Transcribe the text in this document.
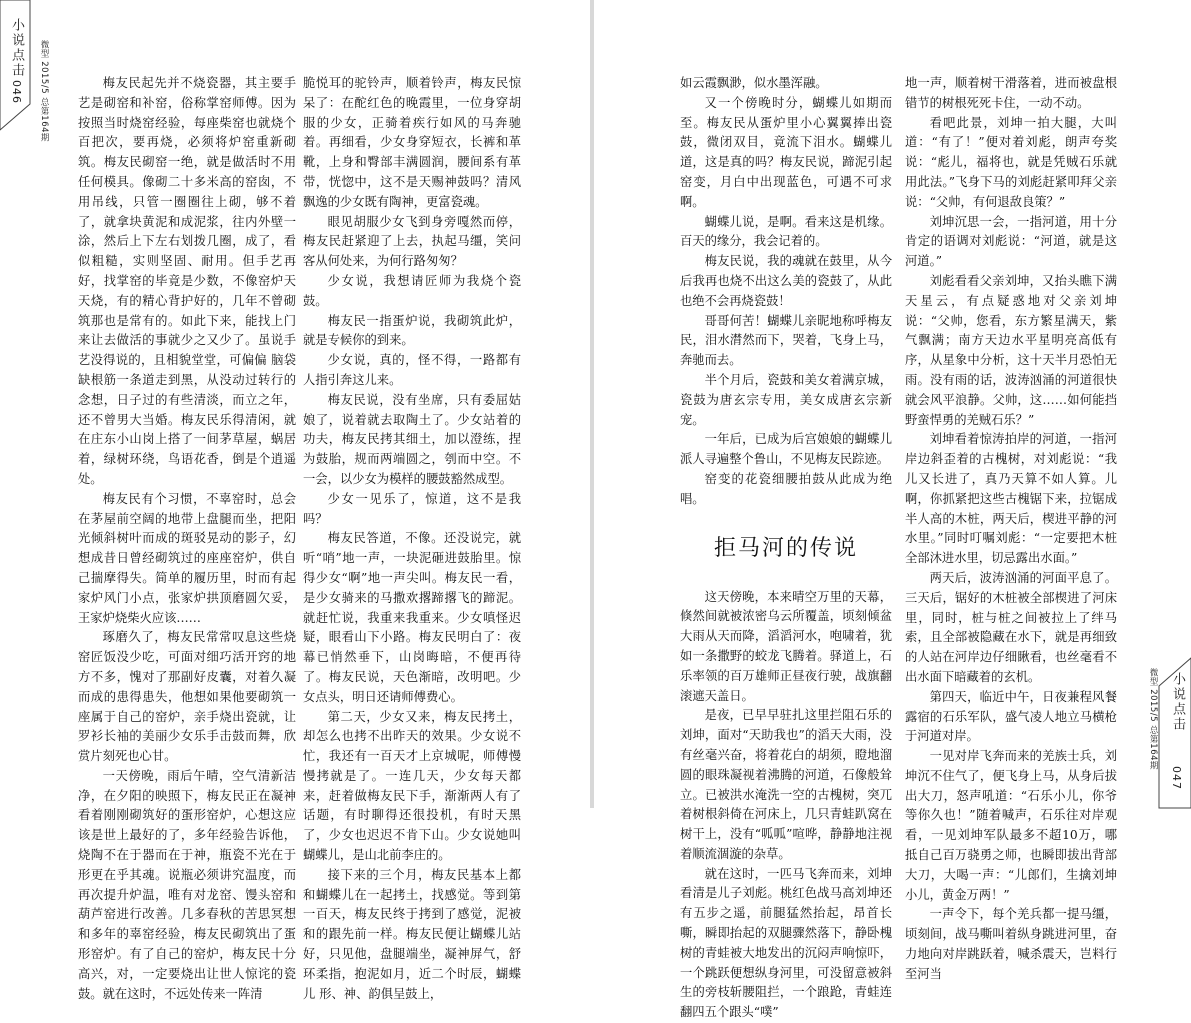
小说点击
046 微型 2015/5 总第164期	梅友民起先并不烧瓷器，其主要手艺是砌窑和补窑，俗称掌窑师傅。因为按照当时烧窑经验，每座柴窑也就烧个百把次，要再烧，必须将炉窑重新砌筑。梅友民砌窑一绝，就是做活时不用任何模具。像砌二十多米高的窑囱，不用吊线，只管一圈圈往上砌，够不着了，就拿块黄泥和成泥浆，往内外壁一涂，然后上下左右划拨几圈，成了，看似粗糙，实则坚固、耐用。但手艺再好，找掌窑的毕竟是少数，不像窑炉天天烧，有的精心背护好的，几年不曾砌筑那也是常有的。如此下来，能找上门来让去做活的事就少之又少了。虽说手艺没得说的，且相貌堂堂，可偏偏 脑袋缺根筋一条道走到黑，从没动过转行的念想，日子过的有些清淡，而立之年，还不曾男大当婚。梅友民乐得清闲，就在庄东小山岗上搭了一间茅草屋，蜗居着，绿树环绕，鸟语花香，倒是个逍遥处。

梅友民有个习惯，不辜窑时，总会在茅屋前空阔的地带上盘腿而坐，把阳光倾斜树叶而成的斑驳晃动的影子，幻想成昔日曾经砌筑过的座座窑炉，供自己揣摩得失。简单的履历里，时而有起家炉风门小点，张家炉拱顶磨圆欠妥，王家炉烧柴火应该……

琢磨久了，梅友民常常叹息这些烧窑匠饭没少吃，可面对细巧活开窍的地方不多，愧对了那副好皮囊，对着久凝而成的患得患失，他想如果他要砌筑一座属于自己的窑炉，亲手烧出瓷就，让罗衫长袖的美丽少女乐手击鼓而舞，欣赏片刻死也心甘。

一天傍晚，雨后午晴，空气清新洁净，在夕阳的映照下，梅友民正在凝神看着刚刚砌筑好的蛋形窑炉，心想这应该是世上最好的了，多年经验告诉他，烧陶不在于器而在于神，瓶瓷不光在于形更在乎其魂。说瓶必须讲究温度，而再次提升炉温，唯有对龙窑、馒头窑和葫芦窑进行改善。几多春秋的苦思冥想和多年的辜窑经验，梅友民砌筑出了蛋形窑炉。有了自己的窑炉，梅友民十分高兴，对，一定要烧出让世人惊诧的瓷鼓。就在这时，不远处传来一阵清

脆悦耳的驼铃声，顺着铃声，梅友民惊呆了：在酡红色的晚霞里，一位身穿胡服的少女，正骑着疾行如风的马奔驰着。再细看，少女身穿短衣，长裤和革靴，上身和臀部丰满圆润，腰间系有革带，恍惚中，这不是天赐神鼓吗？清风飘逸的少女既有陶神，更富瓷魂。

眼见胡服少女飞到身旁嘎然而停，梅友民赶紧迎了上去，执起马缰，笑问客从何处来，为何行路匆匆？

少女说，我想请匠师为我烧个瓷鼓。

梅友民一指蛋炉说，我砌筑此炉，就是专候你的到来。

少女说，真的，怪不得，一路都有人指引奔这儿来。

梅友民说，没有坐席，只有委屈姑娘了，说着就去取陶土了。少女站着的功夫，梅友民拷其细土，加以澄练，捏为鼓胎，规而两端圆之，刳而中空。不一会，以少女为模样的腰鼓豁然成型。

少女一见乐了，惊道，这不是我吗？

梅友民答道，不像。还没说完，就听“哨”地一声，一块泥砸进鼓胎里。惊得少女“啊”地一声尖叫。梅友民一看，是少女骑来的马撒欢撂蹄撂飞的蹄泥。就赶忙说，我重来我重来。少女嗔怪迟疑，眼看山下小路。梅友民明白了：夜幕已悄然垂下，山岗晦暗，不便再待了。梅友民说，天色渐暗，改明吧。少女点头，明日还请师傅费心。

第二天，少女又来，梅友民拷土，却怎么也拷不出昨天的效果。少女说不忙，我还有一百天才上京城呢，师傅慢慢拷就是了。一连几天，少女每天都来，赶着做梅友民下手，渐渐两人有了话题，有时聊得还很投机，有时天黑了，少女也迟迟不肯下山。少女说她叫蝴蝶儿，是山北前李庄的。

接下来的三个月，梅友民基本上都和蝴蝶儿在一起拷土，找感觉。等到第一百天，梅友民终于拷到了感觉，泥被和的跟先前一样。梅友民便让蝴蝶儿站好，只见他，盘腿端坐，凝神屏气，舒环柔指，抱泥如月，近二个时辰，蝴蝶儿 形、神、韵俱呈鼓上，

如云霞飘渺，似水墨浑融。

又一个傍晚时分，蝴蝶儿如期而至。梅友民从蛋炉里小心翼翼捧出瓷鼓，微闭双目，竟流下泪水。蝴蝶儿道，这是真的吗？梅友民说，蹄泥引起窑变，月白中出现蓝色，可遇不可求啊。

蝴蝶儿说，是啊。看来这是机缘。百天的缘分，我会记着的。

梅友民说，我的魂就在鼓里，从今后我再也烧不出这么美的瓷鼓了，从此也绝不会再烧瓷鼓！

哥哥何苦！蝴蝶儿亲昵地称呼梅友民，泪水潸然而下，哭着，飞身上马，奔驰而去。

半个月后，瓷鼓和美女着满京城，瓷鼓为唐玄宗专用，美女成唐玄宗新宠。

一年后，已成为后宫娘娘的蝴蝶儿派人寻遍整个鲁山，不见梅友民踪迹。

窑变的花瓷细腰拍鼓从此成为绝唱。

拒马河的传说

这天傍晚，本来晴空万里的天幕，倏然间就被浓密乌云所覆盖，顷刻倾盆大雨从天而降，滔滔河水，咆啸着，犹如一条撒野的蛟龙飞腾着。驿道上，石乐率领的百万雄师正昼夜行驶，战旗翻滚遮天盖日。

是夜，已早早驻扎这里拦阻石乐的刘坤，面对“天助我也”的滔天大雨，没有丝毫兴奋，将着花白的胡须，瞪地溜圆的眼珠凝视着沸腾的河道，石像般耸立。已被洪水淹洗一空的古槐树，突兀着树根斜倚在河床上，几只青蛙趴窝在树干上，没有“呱呱”喧哗，静静地注视着顺流涸漩的杂草。

就在这时，一匹马飞奔而来，刘坤看清是儿子刘彪。桃红色战马高刘坤还有五步之遥，前腿猛然抬起，昂首长嘶，瞬即抬起的双腿骤然落下，静卧槐树的青蛙被大地发出的沉闷声响惊吓，一个跳跃便想纵身河里，可没留意被斜生的旁枝斩腰阻拦，一个踉跄，青蛙连翻四五个跟头“噗”

地一声，顺着树干滑落着，进而被盘根错节的树根死死卡住，一动不动。

看吧此景，刘坤一拍大腿，大叫道：“有了！”便对着刘彪，朗声夸奖说：“彪儿，福将也，就是凭贼石乐就用此法。”飞身下马的刘彪赶紧叩拜父亲说：“父帅，有何退敌良策？”

刘坤沉思一会，一指河道，用十分肯定的语调对刘彪说：“河道，就是这河道。”

刘彪看看父亲刘坤，又抬头瞧下满天星云，有点疑惑地对父亲刘坤说：“父帅，您看，东方繁星满天，紫气飘满；南方天边水平星明亮高低有序，从星象中分析，这十天半月恐怕无雨。没有雨的话，波涛汹涌的河道很快就会风平浪静。父帅，这……如何能挡野蛮悍勇的羌贼石乐？”

刘坤看着惊涛拍岸的河道，一指河岸边斜歪着的古槐树，对刘彪说：“我儿又长进了，真乃天算不如人算。儿啊，你抓紧把这些古槐锯下来，拉锯成半人高的木桩，两天后，楔进平静的河水里。”同时叮嘱刘彪：“一定要把木桩全部沐进水里，切忌露出水面。”

两天后，波涛汹涌的河面平息了。三天后，锯好的木桩被全部楔进了河床里，同时，桩与桩之间被拉上了绊马索，且全部被隐藏在水下，就是再细致的人站在河岸边仔细瞅看，也丝毫看不出水面下暗藏着的玄机。

第四天，临近中午，日夜兼程风餐露宿的石乐军队，盛气凌人地立马横枪于河道对岸。

一见对岸飞奔而来的羌族士兵，刘坤沉不住气了，便飞身上马，从身后拔出大刀，怒声吼道：“石乐小儿，你爷等你久也！”随着喊声，石乐往对岸观看，一见刘坤军队最多不超10万，哪抵自己百万骁勇之师，也瞬即拔出背部大刀，大喝一声：“儿郎们，生擒刘坤小儿，黄金万两！”

一声令下，每个羌兵都一提马缰，顷刻间，战马嘶叫着纵身跳进河里，奋力地向对岸跳跃着，喊杀震天，岂料行至河当

微型 2015/5 总第164期 小说点击
047
